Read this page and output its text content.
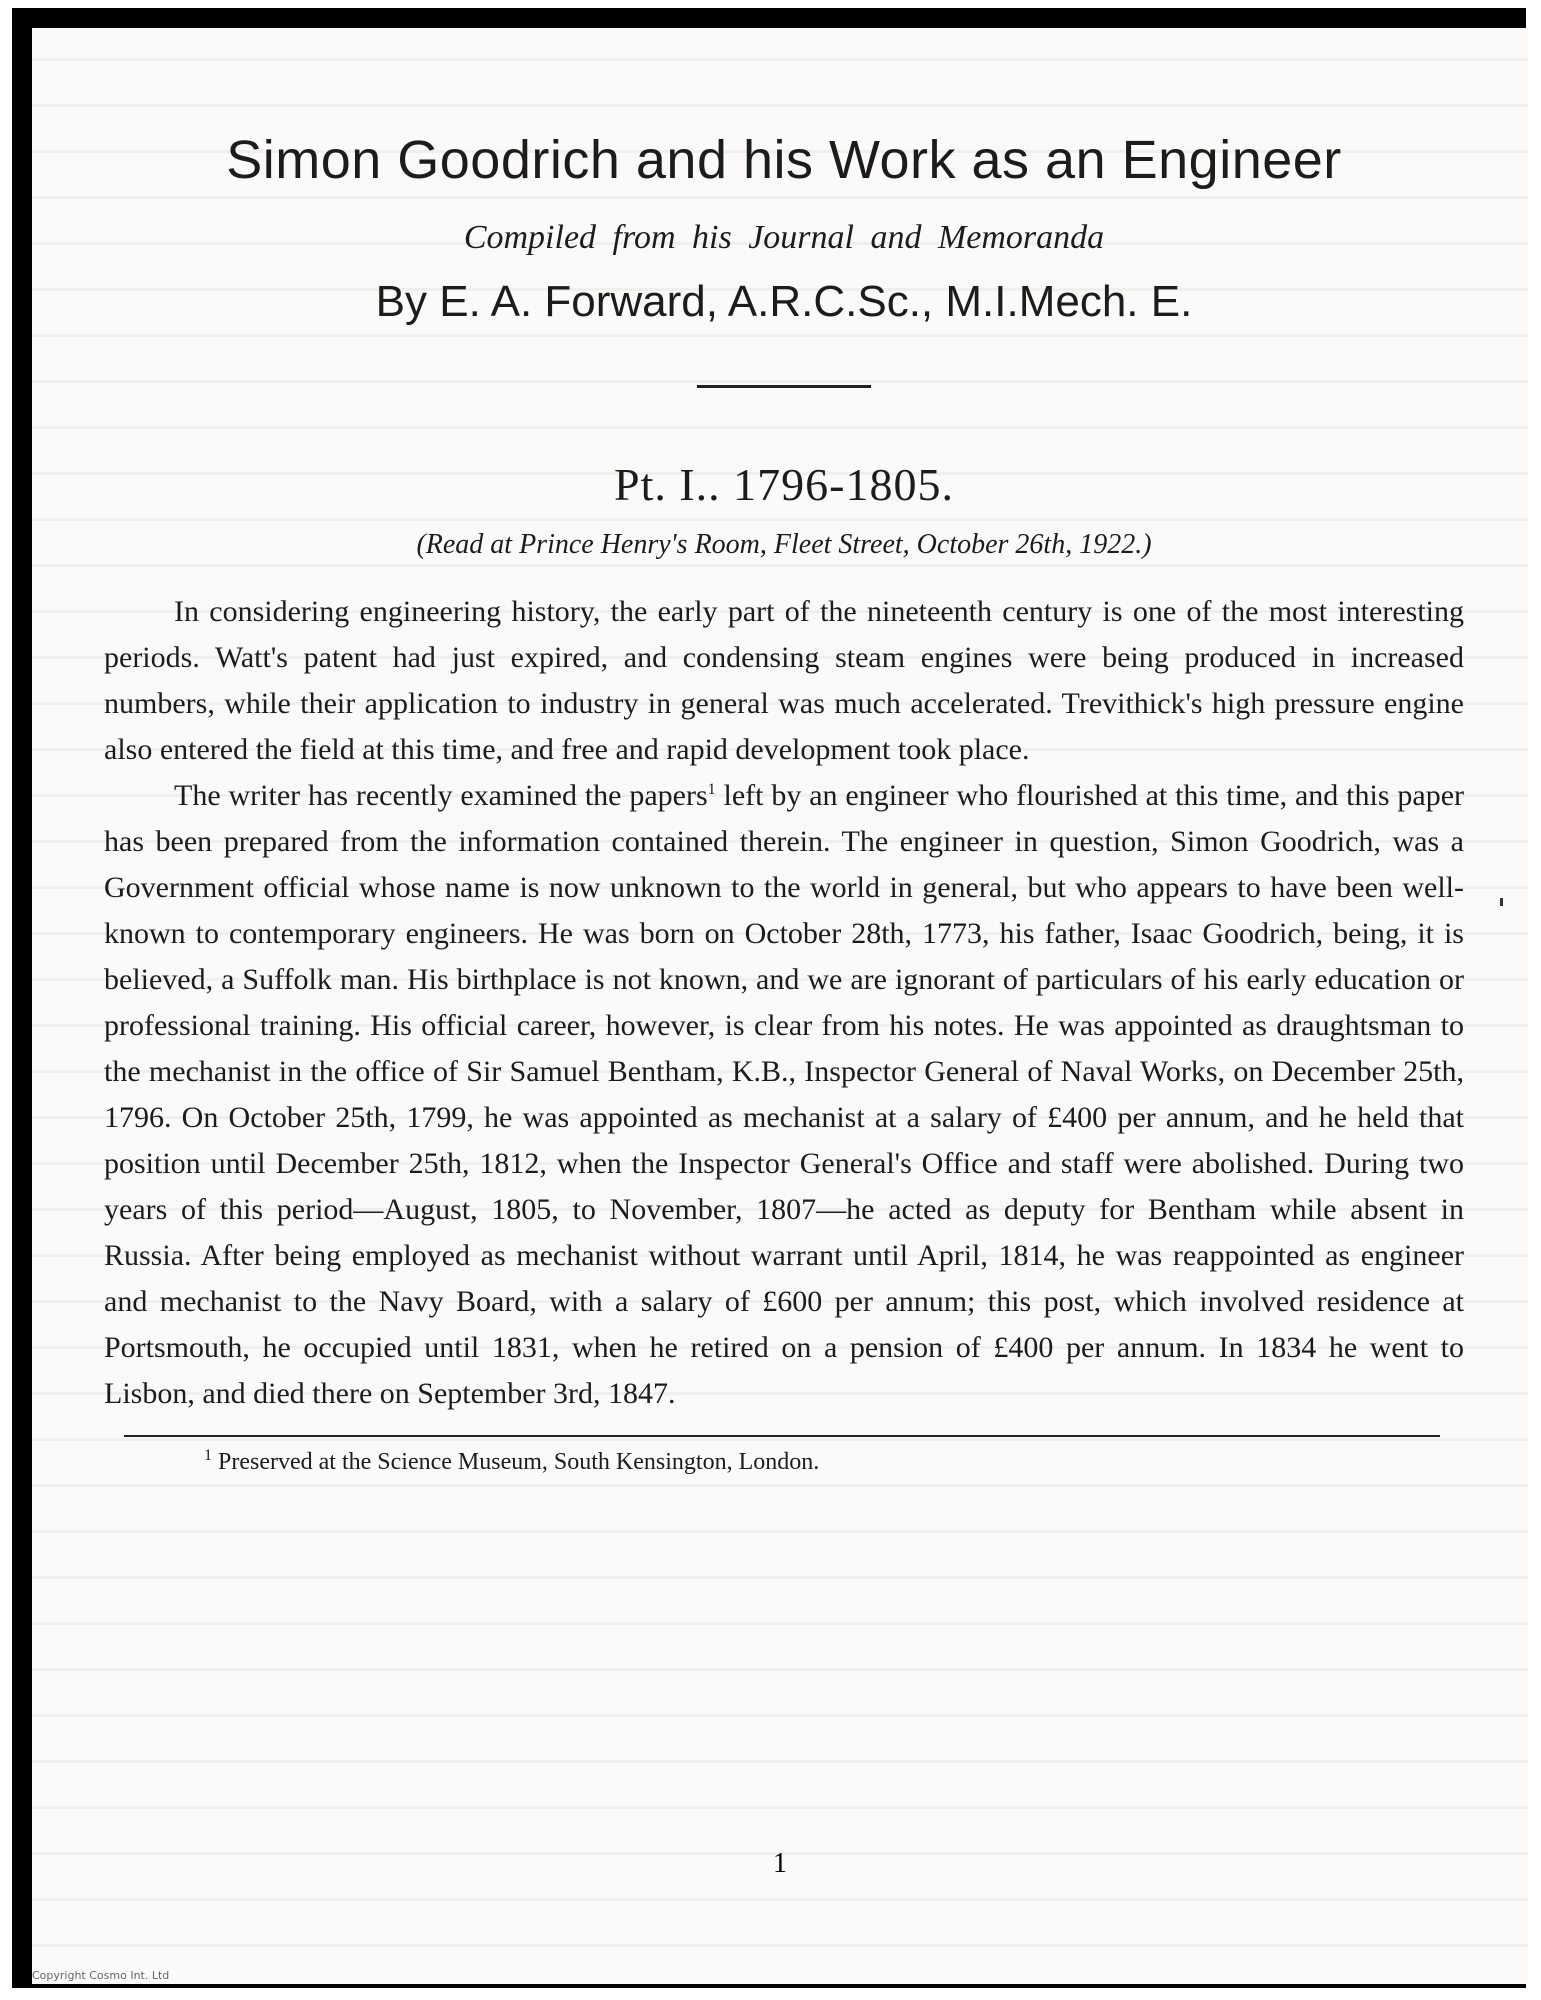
Simon Goodrich and his Work as an Engineer
Compiled from his Journal and Memoranda
By E. A. Forward, A.R.C.Sc., M.I.Mech. E.
Pt. I.. 1796-1805.
(Read at Prince Henry's Room, Fleet Street, October 26th, 1922.)

In considering engineering history, the early part of the nineteenth century is one of the most interesting periods. Watt's patent had just expired, and condensing steam engines were being produced in increased numbers, while their application to industry in general was much accelerated. Trevithick's high pressure engine also entered the field at this time, and free and rapid development took place.

The writer has recently examined the papers$^1$ left by an engineer who flourished at this time, and this paper has been prepared from the information contained therein. The engineer in question, Simon Goodrich, was a Government official whose name is now unknown to the world in general, but who appears to have been well-known to contemporary engineers. He was born on October 28th, 1773, his father, Isaac Goodrich, being, it is believed, a Suffolk man. His birthplace is not known, and we are ignorant of particulars of his early education or professional training. His official career, however, is clear from his notes. He was appointed as draughtsman to the mechanist in the office of Sir Samuel Bentham, K.B., Inspector General of Naval Works, on December 25th, 1796. On October 25th, 1799, he was appointed as mechanist at a salary of £400 per annum, and he held that position until December 25th, 1812, when the Inspector General's Office and staff were abolished. During two years of this period—August, 1805, to November, 1807—he acted as deputy for Bentham while absent in Russia. After being employed as mechanist without warrant until April, 1814, he was reappointed as engineer and mechanist to the Navy Board, with a salary of £600 per annum; this post, which involved residence at Portsmouth, he occupied until 1831, when he retired on a pension of £400 per annum. In 1834 he went to Lisbon, and died there on September 3rd, 1847.

$^1$ Preserved at the Science Museum, South Kensington, London.
1
Copyright Cosmo Int. Ltd
